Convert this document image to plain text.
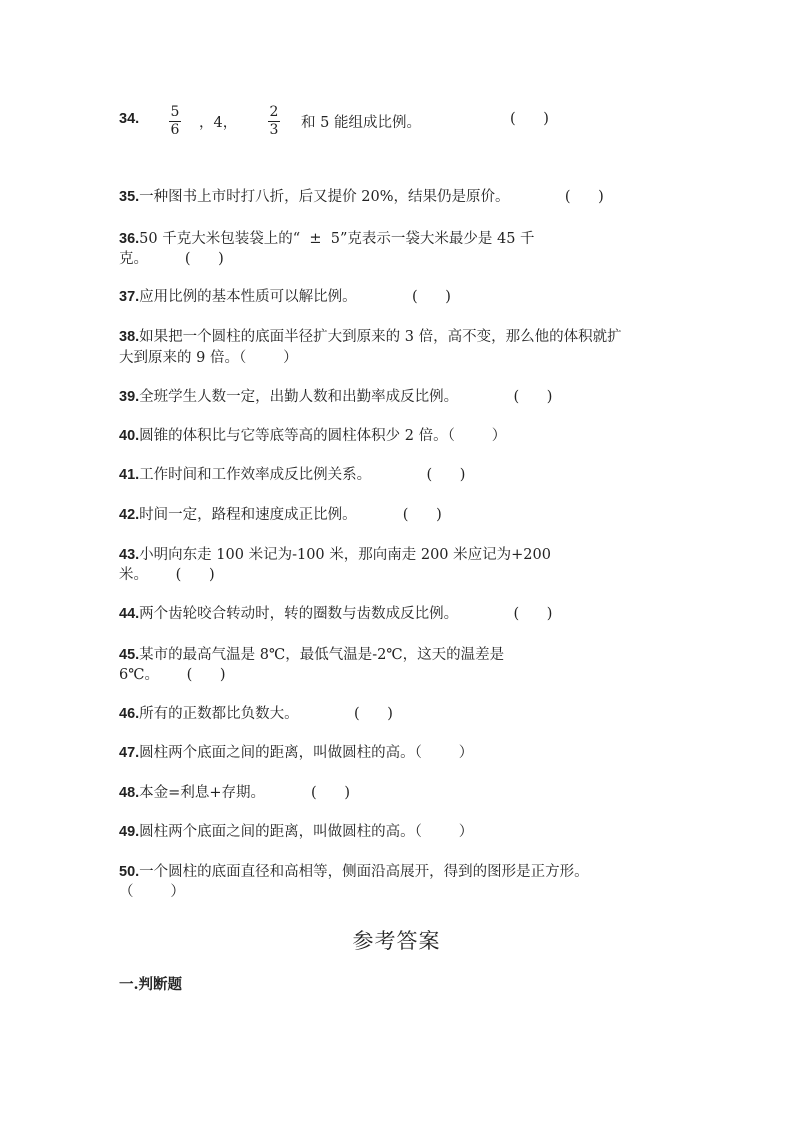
34. 5
6 ，4，
2
3 和 5 能组成比例。	(      )
35.一种图书上市时打八折，后又提价 20%，结果仍是原价。            (      )
36.50 千克大米包装袋上的“  ±  5”克表示一袋大米最少是 45 千
克。        (      )
37.应用比例的基本性质可以解比例。            (      )
38.如果把一个圆柱的底面半径扩大到原来的 3 倍，高不变，那么他的体积就扩
大到原来的 9 倍。（        ）
39.全班学生人数一定，出勤人数和出勤率成反比例。            (      )
40.圆锥的体积比与它等底等高的圆柱体积少 2 倍。（        ）
41.工作时间和工作效率成反比例关系。            (      )
42.时间一定，路程和速度成正比例。          (      )
43.小明向东走 100 米记为-100 米，那向南走 200 米应记为+200
米。      (      )
44.两个齿轮咬合转动时，转的圈数与齿数成反比例。            (      )
45.某市的最高气温是 8℃，最低气温是-2℃，这天的温差是
6℃。      (      )
46.所有的正数都比负数大。            (      )
47.圆柱两个底面之间的距离，叫做圆柱的高。（        ）
48.本金=利息+存期。          (      )
49.圆柱两个底面之间的距离，叫做圆柱的高。（        ）
50.一个圆柱的底面直径和高相等，侧面沿高展开，得到的图形是正方形。
（        ）
参考答案
一.判断题
